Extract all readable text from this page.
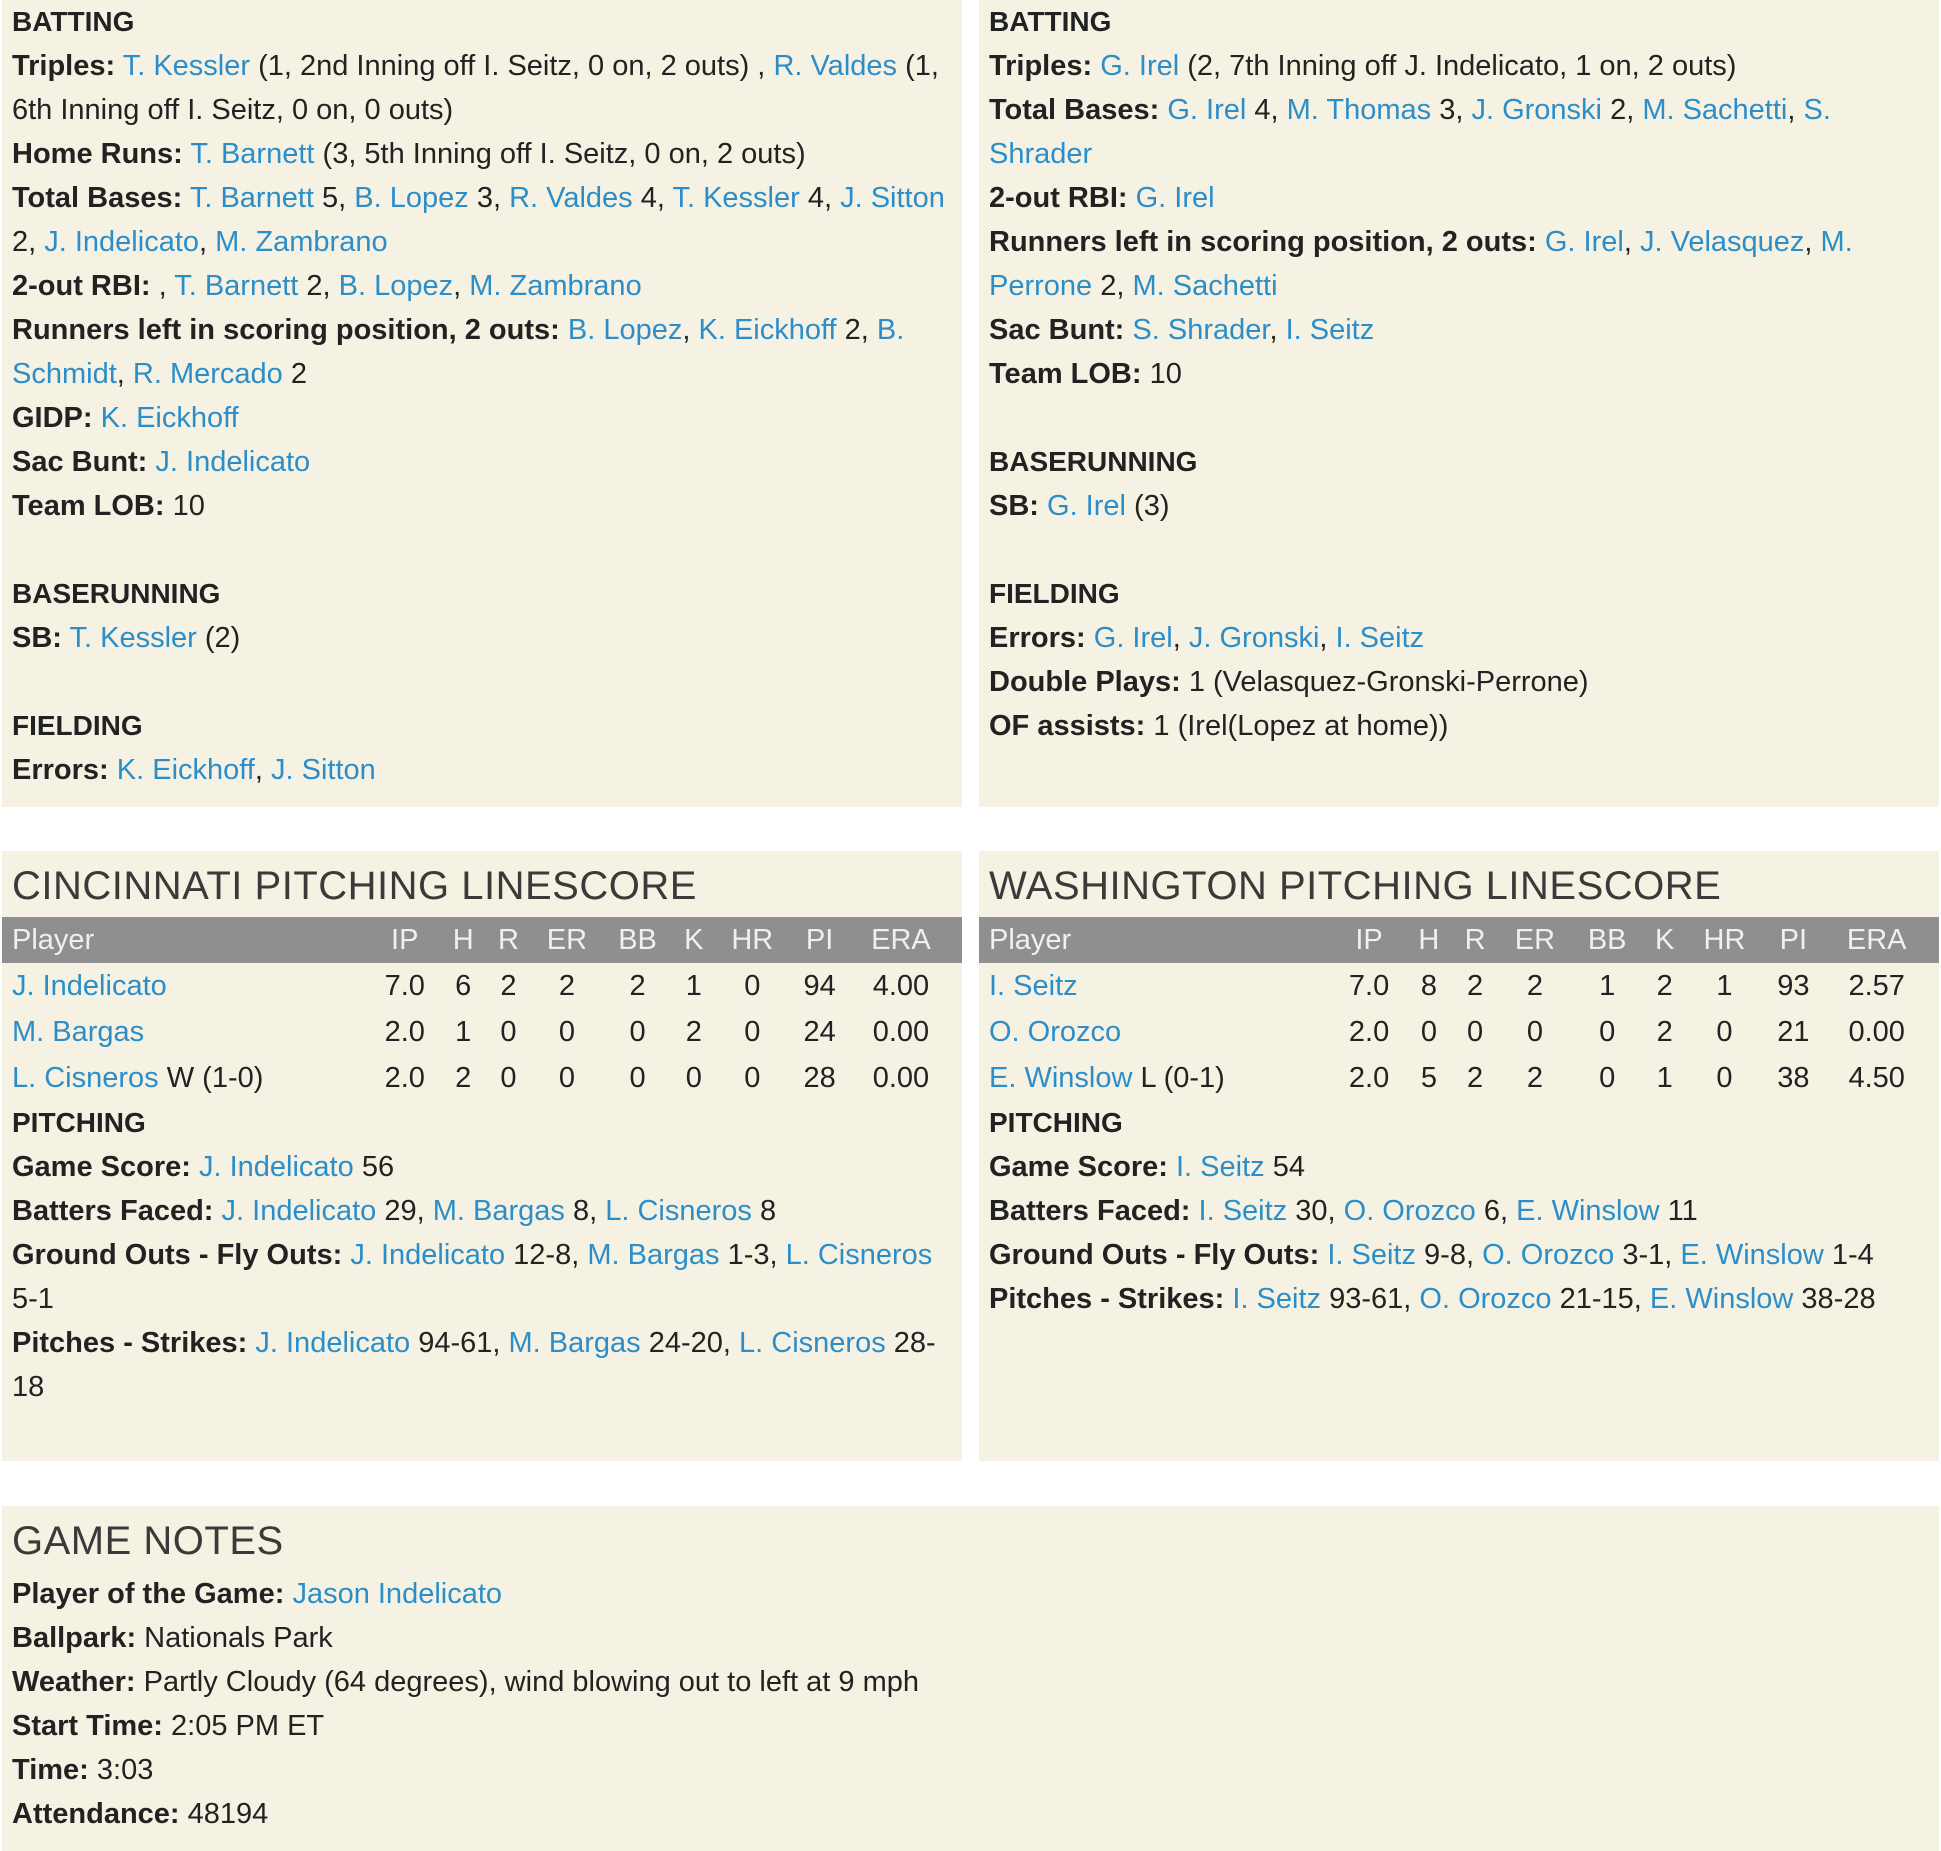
BATTING
Triples: T. Kessler (1, 2nd Inning off I. Seitz, 0 on, 2 outs) , R. Valdes (1, 6th Inning off I. Seitz, 0 on, 0 outs)
Home Runs: T. Barnett (3, 5th Inning off I. Seitz, 0 on, 2 outs)
Total Bases: T. Barnett 5, B. Lopez 3, R. Valdes 4, T. Kessler 4, J. Sitton 2, J. Indelicato, M. Zambrano
2-out RBI: , T. Barnett 2, B. Lopez, M. Zambrano
Runners left in scoring position, 2 outs: B. Lopez, K. Eickhoff 2, B. Schmidt, R. Mercado 2
GIDP: K. Eickhoff
Sac Bunt: J. Indelicato
Team LOB: 10
BASERUNNING
SB: T. Kessler (2)
FIELDING
Errors: K. Eickhoff, J. Sitton
BATTING
Triples: G. Irel (2, 7th Inning off J. Indelicato, 1 on, 2 outs)
Total Bases: G. Irel 4, M. Thomas 3, J. Gronski 2, M. Sachetti, S. Shrader
2-out RBI: G. Irel
Runners left in scoring position, 2 outs: G. Irel, J. Velasquez, M. Perrone 2, M. Sachetti
Sac Bunt: S. Shrader, I. Seitz
Team LOB: 10
BASERUNNING
SB: G. Irel (3)
FIELDING
Errors: G. Irel, J. Gronski, I. Seitz
Double Plays: 1 (Velasquez-Gronski-Perrone)
OF assists: 1 (Irel(Lopez at home))
CINCINNATI PITCHING LINESCORE
Player	IP	H	R	ER	BB	K	HR	PI	ERA
J. Indelicato	7.0	6	2	2	2	1	0	94	4.00
M. Bargas	2.0	1	0	0	0	2	0	24	0.00
L. Cisneros W (1-0)	2.0	2	0	0	0	0	0	28	0.00
PITCHING
Game Score: J. Indelicato 56
Batters Faced: J. Indelicato 29, M. Bargas 8, L. Cisneros 8
Ground Outs - Fly Outs: J. Indelicato 12-8, M. Bargas 1-3, L. Cisneros 5-1
Pitches - Strikes: J. Indelicato 94-61, M. Bargas 24-20, L. Cisneros 28-18
WASHINGTON PITCHING LINESCORE
Player	IP	H	R	ER	BB	K	HR	PI	ERA
I. Seitz	7.0	8	2	2	1	2	1	93	2.57
O. Orozco	2.0	0	0	0	0	2	0	21	0.00
E. Winslow L (0-1)	2.0	5	2	2	0	1	0	38	4.50
PITCHING
Game Score: I. Seitz 54
Batters Faced: I. Seitz 30, O. Orozco 6, E. Winslow 11
Ground Outs - Fly Outs: I. Seitz 9-8, O. Orozco 3-1, E. Winslow 1-4
Pitches - Strikes: I. Seitz 93-61, O. Orozco 21-15, E. Winslow 38-28
GAME NOTES
Player of the Game: Jason Indelicato
Ballpark: Nationals Park
Weather: Partly Cloudy (64 degrees), wind blowing out to left at 9 mph
Start Time: 2:05 PM ET
Time: 3:03
Attendance: 48194
